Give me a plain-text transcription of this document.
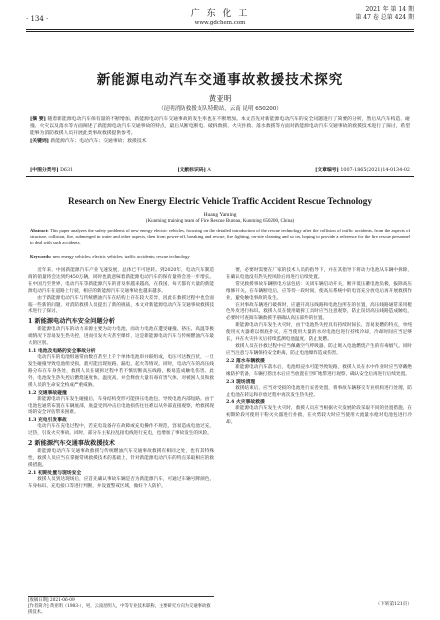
广 东 化 工
www.gdchem.com
· 134 ·
2021 年 第 14 期
第 47 卷 总第 424 期
新能源电动汽车交通事故救援技术探究
黄亚明
（昆明消防救援支队特勤站，云南 昆明 650200）
[摘 要] 随着新能源电动汽车保有量的不断增加，新能源电动汽车交通事故的发生率也在不断增加。本文首先对新能源电动汽车的安全问题进行了简要的分析，然后从汽车构造、碰撞、火灾以及落水等方面阐述了新能源电动汽车交通事故的特点，最后从断电断电、破拆救援、火灾扑救、落水救援等方面对新能源电动汽车交通事故的救援技术进行了探讨，希望能够为消防救援人员开展此类事故救援提供参考。
[关键词] 新能源汽车；电动汽车；交通事故；救援技术
[中图分类号] D631	[文献标识码] A	[文章编号] 1007-1865(2021)14-0134-02
Research on New Energy Electric Vehicle Traffic Accident Rescue Technology
Huang Yaming
(Kunming training team of Fire Rescue Bureau, Kunming 650200, China)
Abstract: This paper analyzes the safety problems of new energy electric vehicles, focusing on the detailed introduction of the rescue technology after the collision of traffic accidents, from the aspects of structure, collision, fire, submerged in water and other aspects, then from power-off, breaking and rescue, fire fighting, on-site cleaning and so on, hoping to provide a reference for the fire rescue personnel to deal with such accidents.
Keywords: new energy vehicles; electric vehicles; traffic accidents; rescue technology

近年来，中国新能源汽车产业飞速发展，总体已不可逆转。到2020年，电动汽车制造商的销量将会达到约450万辆，同时也就意味着新能源电动汽车的保有量将会进一步增长。在中国乃至世界，电动汽车等新能源汽车的普及率越来越高，在我国，每天都有大量的新能源电动汽车在道路上行驶，相应的新能源汽车交通事故也越来越多。

由于新能源电动汽车与传统燃油汽车在结构上存在较大差异，因此在救援过程中也会面临一些新的问题，对消防救援人员提出了新的挑战，本文对新能源电动汽车交通事故救援技术进行了探讨。

1 新能源电动汽车安全问题分析

新能源电动汽车的动力来源主要为动力电池，而动力电池在遭受碰撞、挤压、高温等极端情况下容易发生热失控，进而引发火灾甚至爆炸，这是新能源电动汽车与传统燃油汽车最大的区别。

1.1 电池及电路的安全事故分析

电动汽车的电池组通常由数百甚至上千个单体电池串并联组成，电压可达数百伏，一旦发生碰撞导致电池组受损，就可能出现短路、漏电、起火等情况。同时，电动汽车的高压线路分布在车身各处，救援人员在破拆过程中若不慎切断高压线路，极易造成触电伤害。此外，电池发生热失控后燃烧速度快、温度高，并会释放大量有毒有害气体，对被困人员和救援人员的生命安全构成严重威胁。

1.2 交通事故碰撞

新能源电动汽车发生碰撞后，车身结构变形可能挤压电池包，导致电池内部短路。由于电池包通常布置在车辆底部，底盘受到冲击后电池损伤往往难以从外部直接观察，给救援现场的安全评估带来困难。

1.3 充电引发事故

电动汽车在充电过程中，若充电设备存在故障或充电操作不规范，容易造成电池过充、过热，引发火灾事故。同时，部分车主私拉乱接电线进行充电，也增加了事故发生的风险。

2 新能源汽车交通事故救援技术

新能源电动汽车交通事故救援与传统燃油汽车交通事故救援有相同之处，也有其特殊性，救援人员应当在掌握常规救援技术的基础上，针对新能源电动汽车的特点采取相应的救援措施。

2.1 初期处置与现场安全

救援人员到达现场后，应首先确认事故车辆是否为新能源汽车，可通过车辆号牌颜色、车身标识、充电接口等进行判断，并设置警戒区域，做好个人防护。

要，必要时需要在厂家的技术人员的指导下，并在其指导下将动力电池从车辆中拆除，在确认电池没有热失控风险后再进行后续处置。

常见救援事故车辆断电方法包括：关闭车辆启动开关，断开低压蓄电池负极，拔除高压维修开关。在车辆断电后，应等待一段时间，使高压系统中的电容充分放电后再开展救援作业，避免触电事故的发生。

在对事故车辆进行破拆时，应避开高压线路和电池包所在的位置，高压线路通常采用橙色外皮进行标识。救援人员在使用破拆工具时应当注意观察，防止误切高压线路造成触电，必要时可查阅车辆救援手册确认高压部件的位置。

新能源电动汽车发生火灾时，由于电池热失控具有持续时间长、容易复燃的特点，单纯使用灭火器难以彻底扑灭，应当使用大量的水对电池包进行持续冷却，冷却时间应当足够长，并在火灾扑灭后持续监测电池温度，防止复燃。

救援人员在扑救过程中应当佩戴空气呼吸器，防止吸入电池燃烧产生的有毒烟气。同时应当注意与车辆保持安全距离，防止电池爆炸造成伤害。

2.2 落水车辆救援

新能源电动汽车落水后，电池组浸水可能导致短路，救援人员在水中作业时应当穿戴绝缘防护装备，车辆打捞出水后应当放置在空旷地带进行观察，确认安全后再进行后续处置。

2.3 现场清理

救援结束后，应当对受损的电池进行妥善处置，将事故车辆移交专业机构进行处理，防止电池在转运和存放过程中再次发生热失控。

2.4 火灾事故救援

新能源电动汽车发生火灾时，救援人员应当根据火灾发展阶段采取不同的处置措施，在初期阶段可使用干粉灭火器进行扑救，在火势较大时应当使用大流量水枪对电池包进行冷却。

（下转第121页）
[收稿日期] 2021-06-09
[作者简介] 黄亚明（1983-），男，云南昆明人，中等专业技术职称，主要研究方向为交通事故救援技术。
